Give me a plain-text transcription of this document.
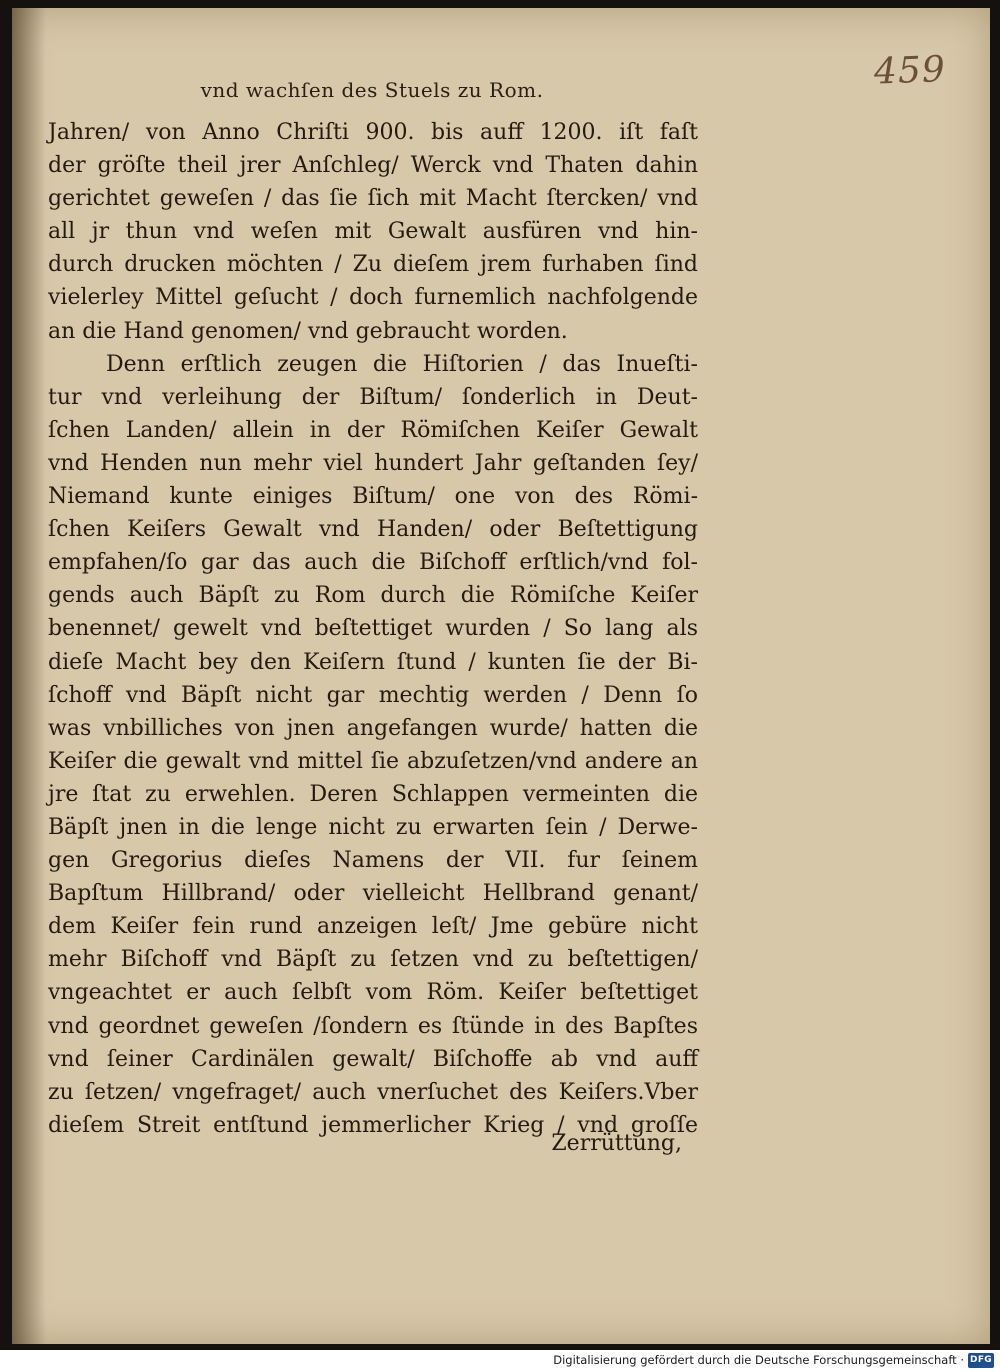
459
vnd wachſen des Stuels zu Rom.
Jahren/ von Anno Chriſti 900. bis auff 1200. iſt faſt
der gröſte theil jrer Anſchleg/ Werck vnd Thaten dahin
gerichtet geweſen / das ſie ſich mit Macht ſtercken/ vnd
all jr thun vnd weſen mit Gewalt ausfüren vnd hin-
durch drucken möchten / Zu dieſem jrem furhaben ſind
vielerley Mittel geſucht / doch furnemlich nachfolgende
an die Hand genomen/ vnd gebraucht worden.
Denn erſtlich zeugen die Hiſtorien / das Inueſti-
tur vnd verleihung der Biſtum/ ſonderlich in Deut-
ſchen Landen/ allein in der Römiſchen Keiſer Gewalt
vnd Henden nun mehr viel hundert Jahr geſtanden ſey/
Niemand kunte einiges Biſtum/ one von des Römi-
ſchen Keiſers Gewalt vnd Handen/ oder Beſtettigung
empfahen/ſo gar das auch die Biſchoff erſtlich/vnd fol-
gends auch Bäpſt zu Rom durch die Römiſche Keiſer
benennet/ gewelt vnd beſtettiget wurden / So lang als
dieſe Macht bey den Keiſern ſtund / kunten ſie der Bi-
ſchoff vnd Bäpſt nicht gar mechtig werden / Denn ſo
was vnbilliches von jnen angefangen wurde/ hatten die
Keiſer die gewalt vnd mittel ſie abzuſetzen/vnd andere an
jre ſtat zu erwehlen. Deren Schlappen vermeinten die
Bäpſt jnen in die lenge nicht zu erwarten ſein / Derwe-
gen Gregorius dieſes Namens der VII. fur ſeinem
Bapſtum Hillbrand/ oder vielleicht Hellbrand genant/
dem Keiſer fein rund anzeigen leſt/ Jme gebüre nicht
mehr Biſchoff vnd Bäpſt zu ſetzen vnd zu beſtettigen/
vngeachtet er auch ſelbſt vom Röm. Keiſer beſtettiget
vnd geordnet geweſen /ſondern es ſtünde in des Bapſtes
vnd ſeiner Cardinälen gewalt/ Biſchoffe ab vnd auff
zu ſetzen/ vngefraget/ auch vnerſuchet des Keiſers.Vber
dieſem Streit entſtund jemmerlicher Krieg / vnd groſſe
Zerrüttung,
Digitalisierung gefördert durch die Deutsche Forschungsgemeinschaft · DFG
